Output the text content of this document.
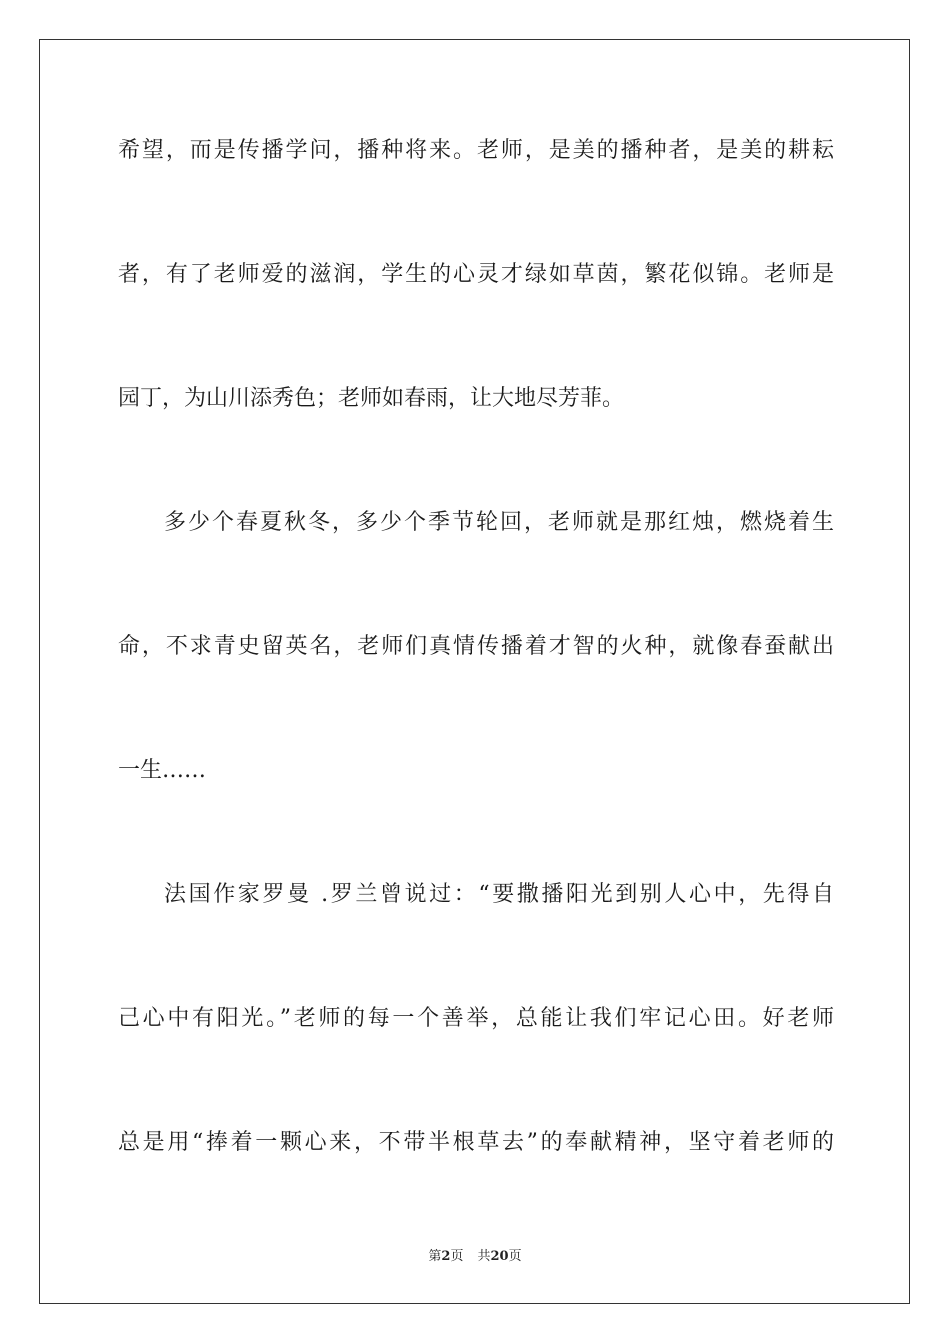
希望，而是传播学问，播种将来。老师，是美的播种者，是美的耕耘
者，有了老师爱的滋润，学生的心灵才绿如草茵，繁花似锦。老师是
园丁，为山川添秀色；老师如春雨，让大地尽芳菲。
多少个春夏秋冬，多少个季节轮回，老师就是那红烛，燃烧着生
命，不求青史留英名，老师们真情传播着才智的火种，就像春蚕献出
一生……
法国作家罗曼 .罗兰曾说过：“要撒播阳光到别人心中，先得自
己心中有阳光。”老师的每一个善举，总能让我们牢记心田。好老师
总是用“捧着一颗心来，不带半根草去”的奉献精神，坚守着老师的
第2页 共20页
